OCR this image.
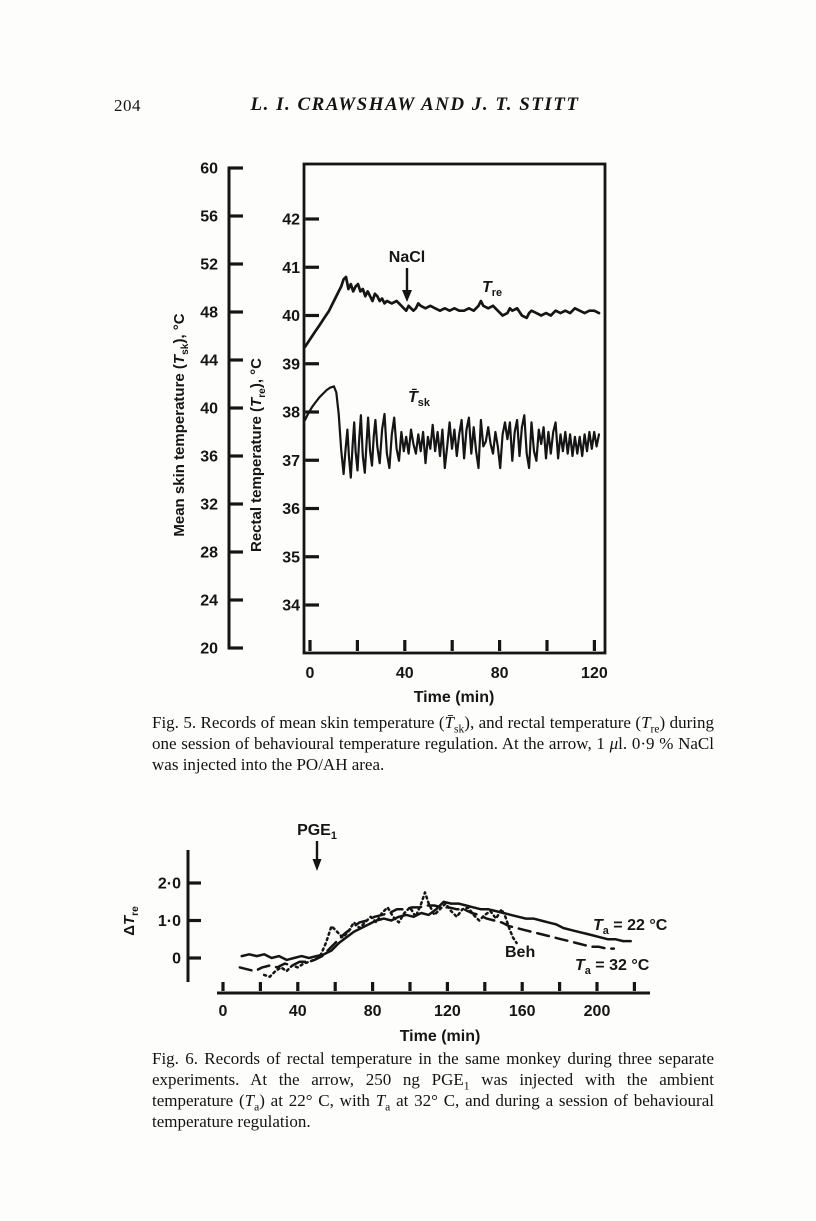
204	L. I. CRAWSHAW AND J. T. STITT
Mean skin temperature $(T_{sk})$, °C
Rectal temperature $(T_{re})$, °C
Time (min)
NaCl
$T_{re}$
$T̄_{sk}$
60
56
52
48
44
40
36
32
28
24
20
42
41
40
39
38
37
36
35
34
0	40	80	120
Fig. 5. Records of mean skin temperature $(T̄_{sk})$, and rectal temperature $(T_{re})$ during one session of behavioural temperature regulation. At the arrow, 1 μl. 0·9 % NaCl was injected into the PO/AH area.
$\Delta T_{re}$
Time (min)
$PGE_1$
$T_a = 22$ °C
$T_a = 32$ °C
Beh
2·0
1·0
0
0	40	80	120	160	200
Fig. 6. Records of rectal temperature in the same monkey during three separate experiments. At the arrow, 250 ng $PGE_1$ was injected with the ambient temperature $(T_a)$ at 22° C, with $T_a$ at 32° C, and during a session of behavioural temperature regulation.
